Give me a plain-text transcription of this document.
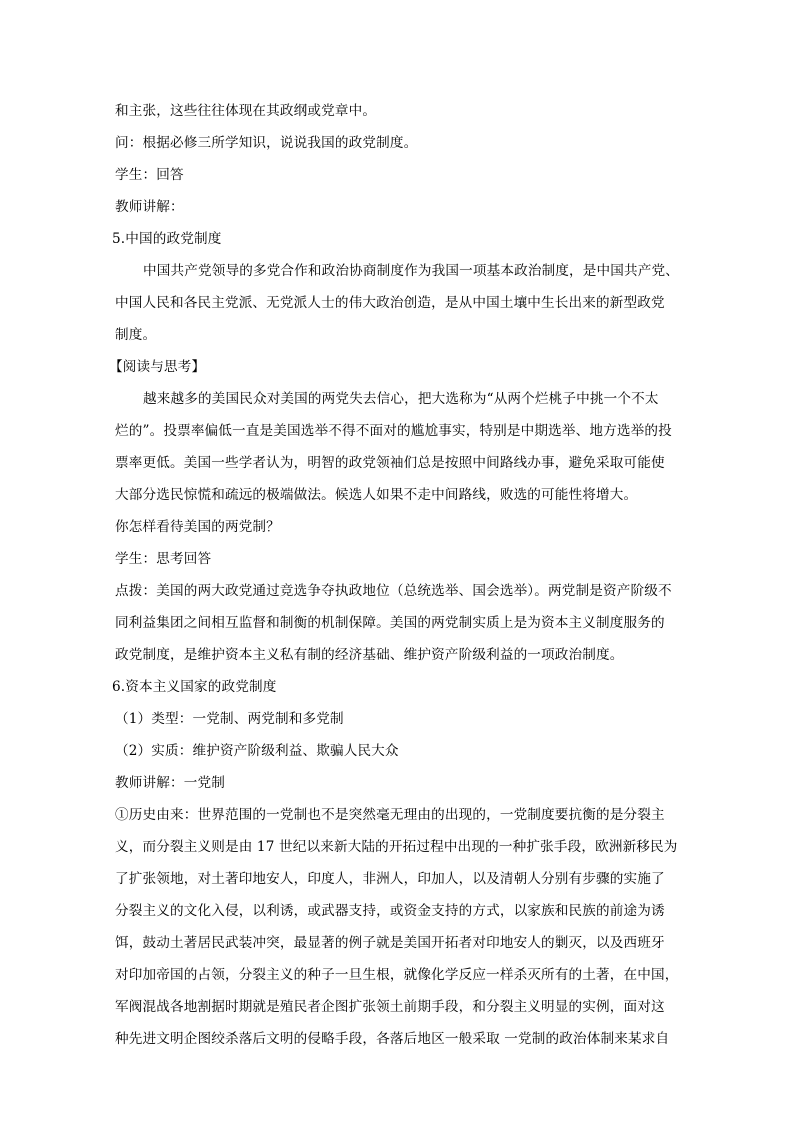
和主张，这些往往体现在其政纲或党章中。
问：根据必修三所学知识，说说我国的政党制度。
学生：回答
教师讲解：
5.中国的政党制度
中国共产党领导的多党合作和政治协商制度作为我国一项基本政治制度，是中国共产党、
中国人民和各民主党派、无党派人士的伟大政治创造，是从中国土壤中生长出来的新型政党
制度。
【阅读与思考】
越来越多的美国民众对美国的两党失去信心，把大选称为“从两个烂桃子中挑一个不太
烂的”。投票率偏低一直是美国选举不得不面对的尴尬事实，特别是中期选举、地方选举的投
票率更低。美国一些学者认为，明智的政党领袖们总是按照中间路线办事，避免采取可能使
大部分选民惊慌和疏远的极端做法。候选人如果不走中间路线，败选的可能性将增大。
你怎样看待美国的两党制？
学生：思考回答
点拨：美国的两大政党通过竞选争夺执政地位（总统选举、国会选举）。两党制是资产阶级不
同利益集团之间相互监督和制衡的机制保障。美国的两党制实质上是为资本主义制度服务的
政党制度，是维护资本主义私有制的经济基础、维护资产阶级利益的一项政治制度。
6.资本主义国家的政党制度
（1）类型：一党制、两党制和多党制
（2）实质：维护资产阶级利益、欺骗人民大众
教师讲解：一党制
①历史由来：世界范围的一党制也不是突然毫无理由的出现的，一党制度要抗衡的是分裂主
义，而分裂主义则是由 17 世纪以来新大陆的开拓过程中出现的一种扩张手段，欧洲新移民为
了扩张领地，对土著印地安人，印度人，非洲人，印加人，以及清朝人分别有步骤的实施了
分裂主义的文化入侵，以利诱，或武器支持，或资金支持的方式，以家族和民族的前途为诱
饵，鼓动土著居民武装冲突，最显著的例子就是美国开拓者对印地安人的剿灭，以及西班牙
对印加帝国的占领，分裂主义的种子一旦生根，就像化学反应一样杀灭所有的土著，在中国，
军阀混战各地割据时期就是殖民者企图扩张领土前期手段，和分裂主义明显的实例，面对这
种先进文明企图绞杀落后文明的侵略手段，各落后地区一般采取 一党制的政治体制来某求自
